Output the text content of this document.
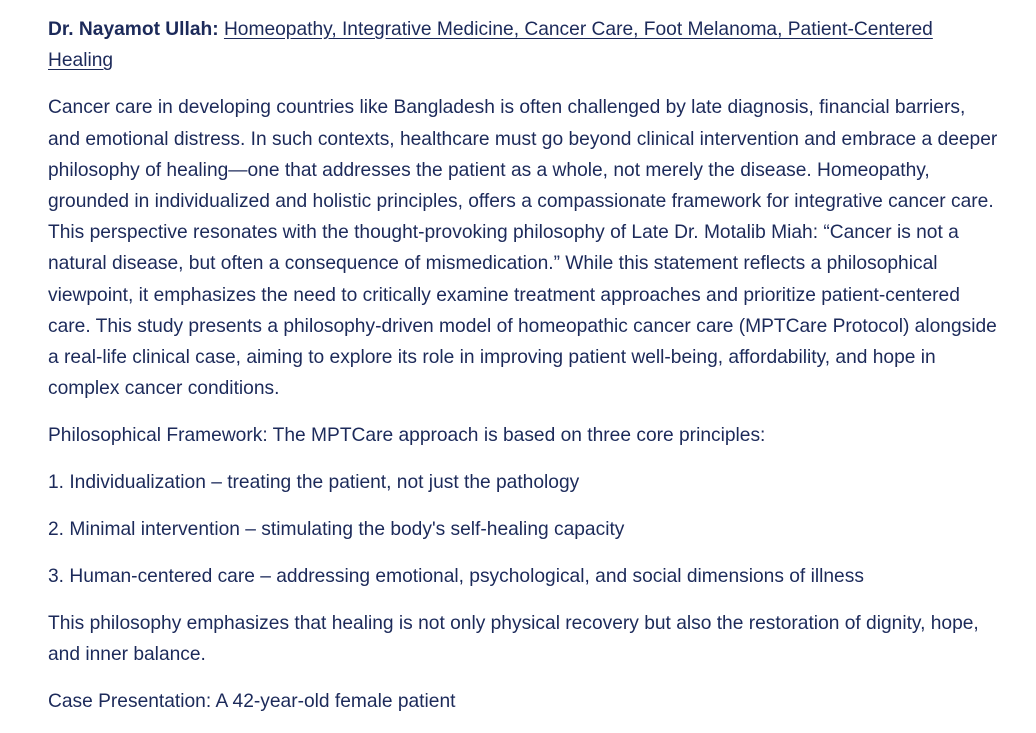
Dr. Nayamot Ullah: Homeopathy, Integrative Medicine, Cancer Care, Foot Melanoma, Patient-Centered Healing

Cancer care in developing countries like Bangladesh is often challenged by late diagnosis, financial barriers, and emotional distress. In such contexts, healthcare must go beyond clinical intervention and embrace a deeper philosophy of healing—one that addresses the patient as a whole, not merely the disease. Homeopathy, grounded in individualized and holistic principles, offers a compassionate framework for integrative cancer care. This perspective resonates with the thought-provoking philosophy of Late Dr. Motalib Miah: “Cancer is not a natural disease, but often a consequence of mismedication.” While this statement reflects a philosophical viewpoint, it emphasizes the need to critically examine treatment approaches and prioritize patient-centered care. This study presents a philosophy-driven model of homeopathic cancer care (MPTCare Protocol) alongside a real-life clinical case, aiming to explore its role in improving patient well-being, affordability, and hope in complex cancer conditions.

Philosophical Framework: The MPTCare approach is based on three core principles:

1. Individualization – treating the patient, not just the pathology

2. Minimal intervention – stimulating the body's self-healing capacity

3. Human-centered care – addressing emotional, psychological, and social dimensions of illness

This philosophy emphasizes that healing is not only physical recovery but also the restoration of dignity, hope, and inner balance.

Case Presentation: A 42-year-old female patient
